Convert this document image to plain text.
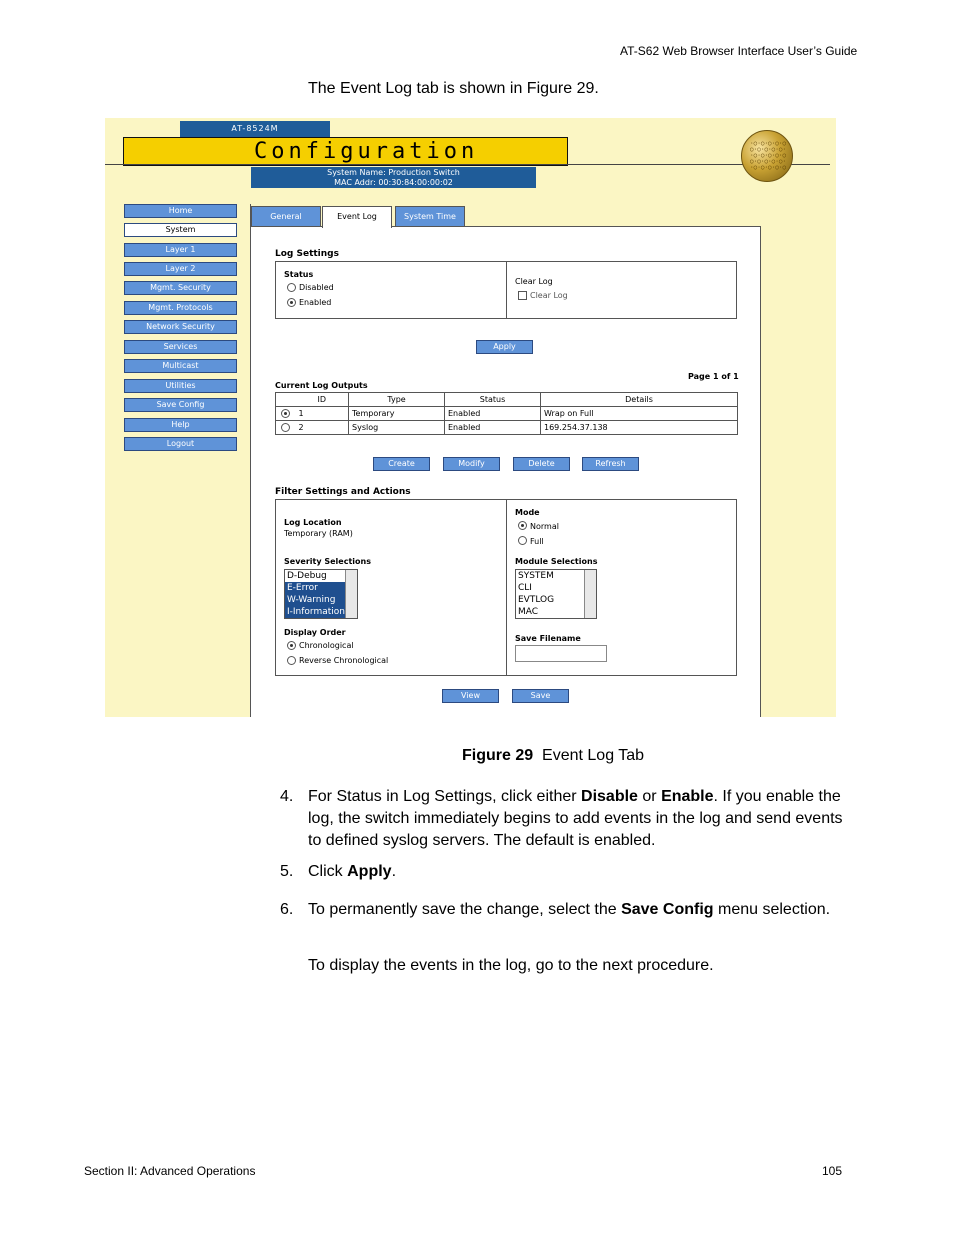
AT-S62 Web Browser Interface User’s Guide
The Event Log tab is shown in Figure 29.
AT-8524M
Configuration
System Name: Production Switch
MAC Addr: 00:30:84:00:00:02
·○·○·○·○·○
○·○·○·○·○·
·○·○·○·○·○
○·○·○·○·○·
·○·○·○·○·○
Home
System
Layer 1
Layer 2
Mgmt. Security
Mgmt. Protocols
Network Security
Services
Multicast
Utilities
Save Config
Help
Logout
General	Event Log	System Time
Log Settings
Status
Disabled
Enabled
Clear Log
Clear Log
Apply
Page 1 of 1
Current Log Outputs
	ID	Type	Status	Details

	1	Temporary	Enabled	Wrap on Full

	2	Syslog	Enabled	169.254.37.138
Create	Modify	Delete	Refresh
Filter Settings and Actions
Log Location
Temporary (RAM)
Severity Selections
D-Debug
E-Error
W-Warning
I-Information
Display Order
Chronological
Reverse Chronological
Mode
Normal
Full
Module Selections
SYSTEM
CLI
EVTLOG
MAC
Save Filename
View	Save
Figure 29 Event Log Tab
4. For Status in Log Settings, click either Disable or Enable. If you enable the log, the switch immediately begins to add events in the log and send events to defined syslog servers. The default is enabled.
5. Click Apply.
6. To permanently save the change, select the Save Config menu selection.
To display the events in the log, go to the next procedure.
Section II: Advanced Operations	105
